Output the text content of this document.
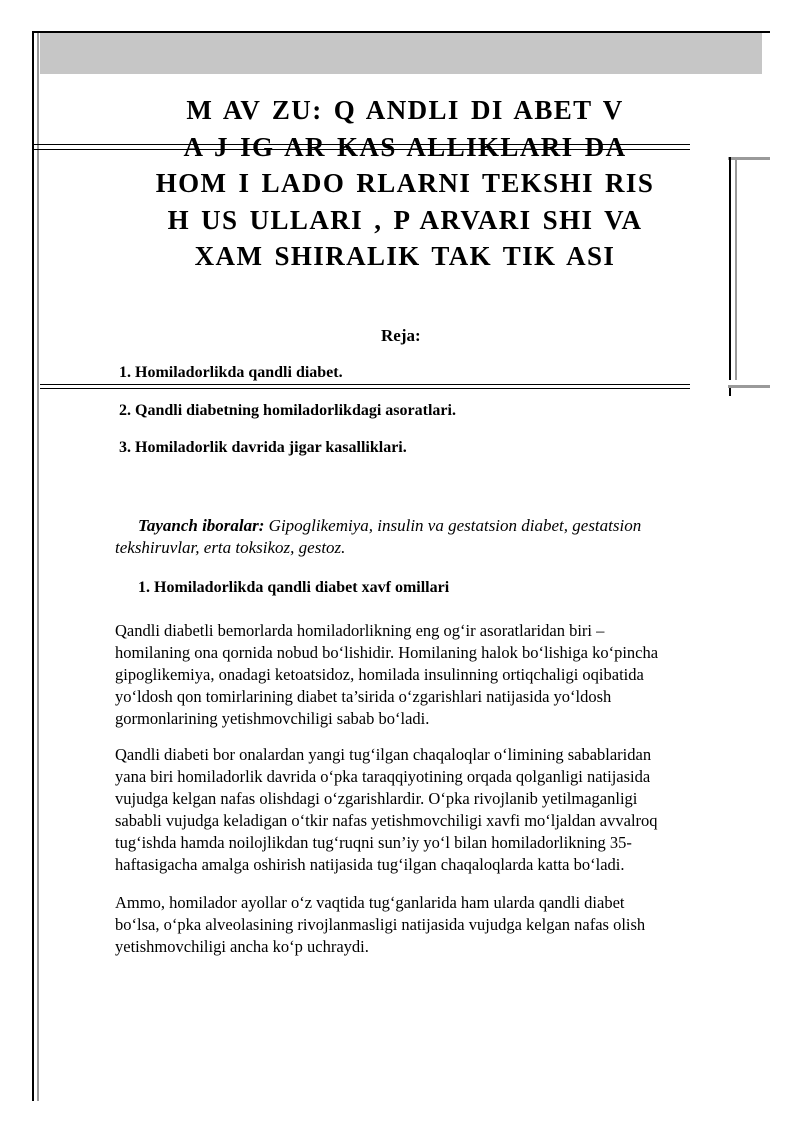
M AV ZU: Q ANDLI DI ABET V
A J IG AR KAS ALLIKLARI DA
HOM I LADO RLARNI TEKSHI RIS
H US ULLARI , P ARVARI SHI VA
XAM SHIRALIK TAK TIK ASI
Reja:
1. Homiladorlikda qandli diabet.
2. Qandli diabetning homiladorlikdagi asoratlari.
3. Homiladorlik davrida jigar kasalliklari.
Tayanch iboralar: Gipoglikemiya, insulin va gestatsion diabet, gestatsion
tekshiruvlar, erta toksikoz, gestoz.
1. Homiladorlikda qandli diabet xavf omillari
Qandli diabetli bemorlarda homiladorlikning eng og‘ir asoratlaridan biri –
homilaning ona qornida nobud bo‘lishidir. Homilaning halok bo‘lishiga ko‘pincha
gipoglikemiya, onadagi ketoatsidoz, homilada insulinning ortiqchaligi oqibatida
yo‘ldosh qon tomirlarining diabet ta’sirida o‘zgarishlari natijasida yo‘ldosh
gormonlarining yetishmovchiligi sabab bo‘ladi.
Qandli diabeti bor onalardan yangi tug‘ilgan chaqaloqlar o‘limining sabablaridan
yana biri homiladorlik davrida o‘pka taraqqiyotining orqada qolganligi natijasida
vujudga kelgan nafas olishdagi o‘zgarishlardir. O‘pka rivojlanib yetilmaganligi
sababli vujudga keladigan o‘tkir nafas yetishmovchiligi xavfi mo‘ljaldan avvalroq
tug‘ishda hamda noilojlikdan tug‘ruqni sun’iy yo‘l bilan homiladorlikning 35-
haftasigacha amalga oshirish natijasida tug‘ilgan chaqaloqlarda katta bo‘ladi.
Ammo, homilador ayollar o‘z vaqtida tug‘ganlarida ham ularda qandli diabet
bo‘lsa, o‘pka alveolasining rivojlanmasligi natijasida vujudga kelgan nafas olish
yetishmovchiligi ancha ko‘p uchraydi.
